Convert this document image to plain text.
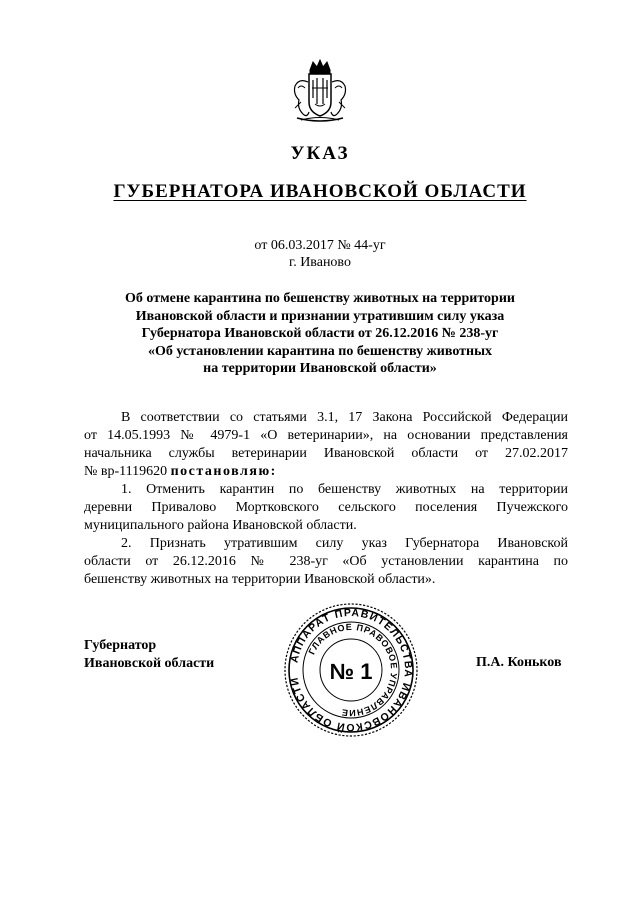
УКАЗ
ГУБЕРНАТОРА ИВАНОВСКОЙ ОБЛАСТИ
от 06.03.2017 № 44-уг
г. Иваново
Об отмене карантина по бешенству животных на территории
Ивановской области и признании утратившим силу указа
Губернатора Ивановской области от 26.12.2016 № 238-уг
«Об установлении карантина по бешенству животных
на территории Ивановской области»
В соответствии со статьями 3.1, 17 Закона Российской Федерации
от 14.05.1993 № 4979-1 «О ветеринарии», на основании представления
начальника службы ветеринарии Ивановской области от 27.02.2017
№ вр-1119620 постановляю:
1. Отменить карантин по бешенству животных на территории
деревни Привалово Мортковского сельского поселения Пучежского
муниципального района Ивановской области.
2. Признать утратившим силу указ Губернатора Ивановской
области от 26.12.2016 № 238-уг «Об установлении карантина по
бешенству животных на территории Ивановской области».
Губернатор
Ивановской области	АППАРАТ ПРАВИТЕЛЬСТВА ИВАНОВСКОЙ ОБЛАСТИ
ГЛАВНОЕ ПРАВОВОЕ УПРАВЛЕНИЕ
№ 1	П.А. Коньков
